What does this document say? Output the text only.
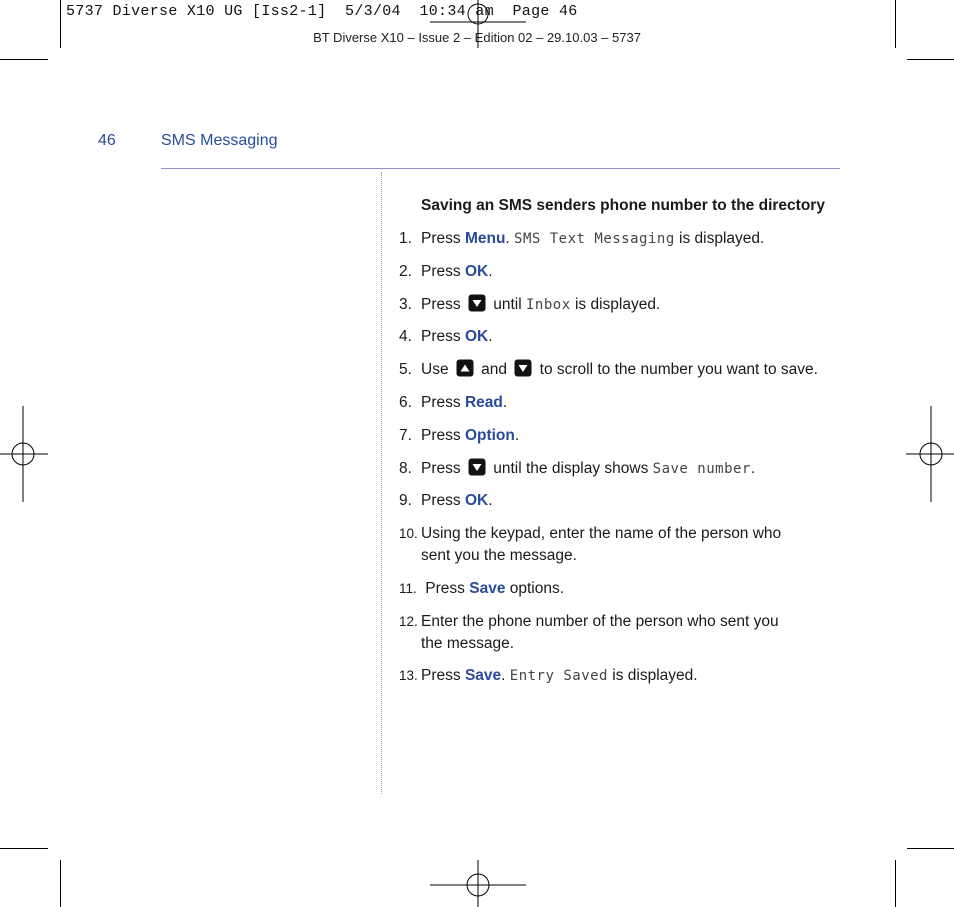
5737 Diverse X10 UG [Iss2-1]  5/3/04  10:34 am  Page 46
BT Diverse X10 – Issue 2 – Edition 02 – 29.10.03 – 5737
46	SMS Messaging
Saving an SMS senders phone number to the directory
1. Press Menu. SMS Text Messaging is displayed.
2. Press OK.
3. Press  until Inbox is displayed.
4. Press OK.
5. Use  and  to scroll to the number you want to save.
6. Press Read.
7. Press Option.
8. Press  until the display shows Save number.
9. Press OK.
10. Using the keypad, enter the name of the person who
sent you the message.
11. Press Save options.
12. Enter the phone number of the person who sent you
the message.
13. Press Save. Entry Saved is displayed.
